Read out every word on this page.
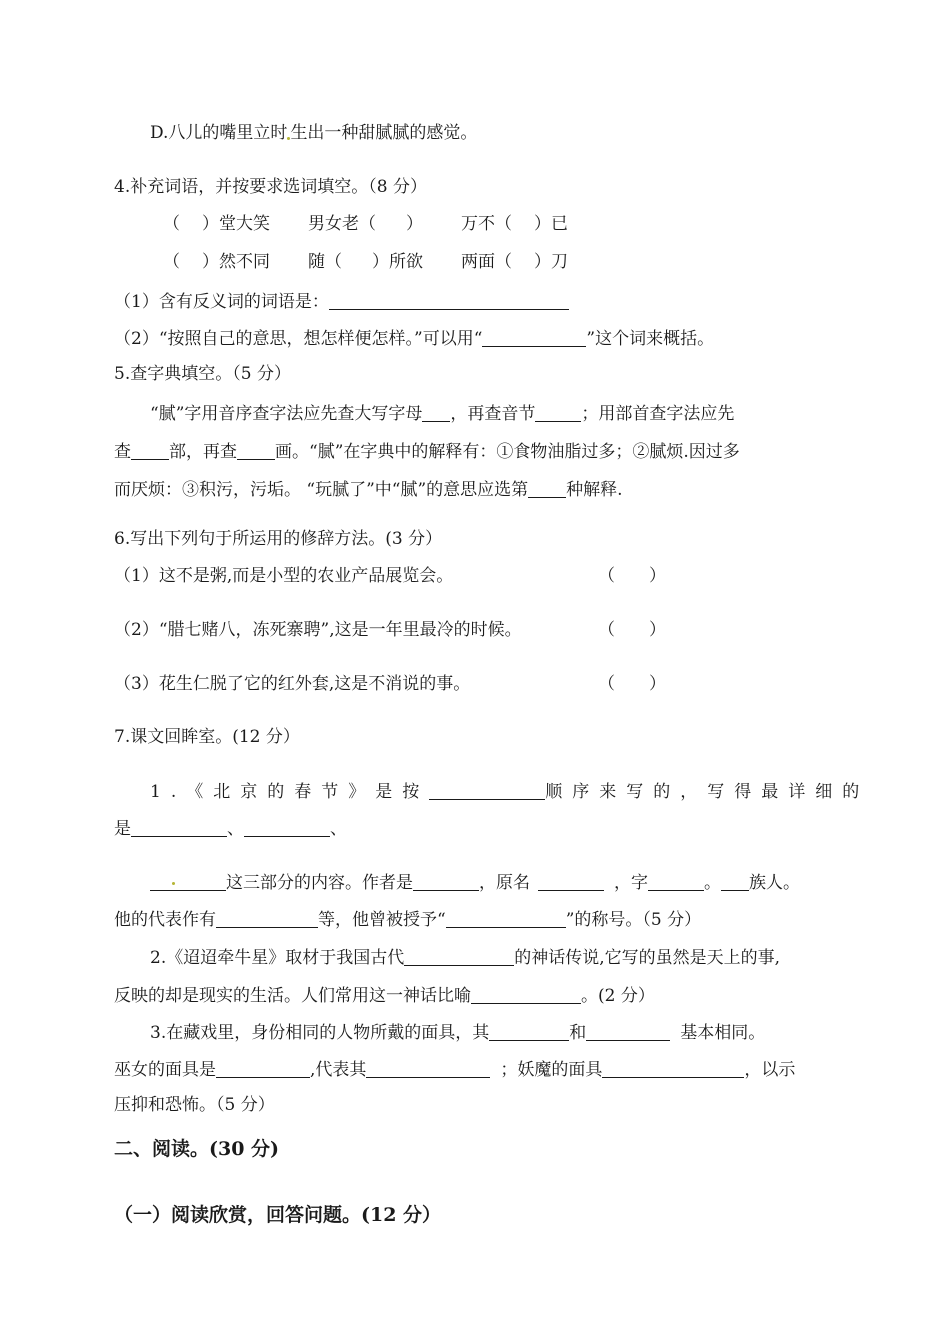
D.八儿的嘴里立时 生出一种甜腻腻的感觉。
4.补充词语，并按要求选词填空。（8 分）
（ ）堂大笑 男女老（ ） 万不（ ）已
（ ）然不同 随（ ）所欲 两面（ ）刀
（1）含有反义词的词语是：
（2）“按照自己的意思，想怎样便怎样。”可以用“	”这个词来概括。
5.查字典填空。（5 分）
“腻”字用音序查字法应先查大写字母 ，再查音节	；用部首查字法应先
查 部，再查 画。“腻”在字典中的解释有：①食物油脂过多；②腻烦.因过多
而厌烦：③积污，污垢。 “玩腻了”中“腻”的意思应选第 种解释.
6.写出下列句于所运用的修辞方法。(3 分）
（1）这不是粥,而是小型的农业产品展览会。	（　　）
（2）“腊七赌八，冻死寨聘”,这是一年里最冷的时候。	（　　）
（3）花生仁脱了它的红外套,这是不消说的事。	（　　）
7.课文回眸室。(12 分）
1.《北京的春节》是按	顺序来写的，写得最详细的
是	、	、
这三部分的内容。作者是	，原名	，字	。 族人。
他的代表作有	等，他曾被授予“	”的称号。（5 分）
2.《迢迢牵牛星》取材于我国古代	的神话传说,它写的虽然是天上的事,
反映的却是现实的生活。人们常用这一神话比喻	。(2 分）
3.在藏戏里，身份相同的人物所戴的面具，其	和	基本相同。
巫女的面具是	,代表其	；妖魔的面具	，以示
压抑和恐怖。（5 分）
二、阅读。(30 分)
（一）阅读欣赏，回答问题。(12 分）
